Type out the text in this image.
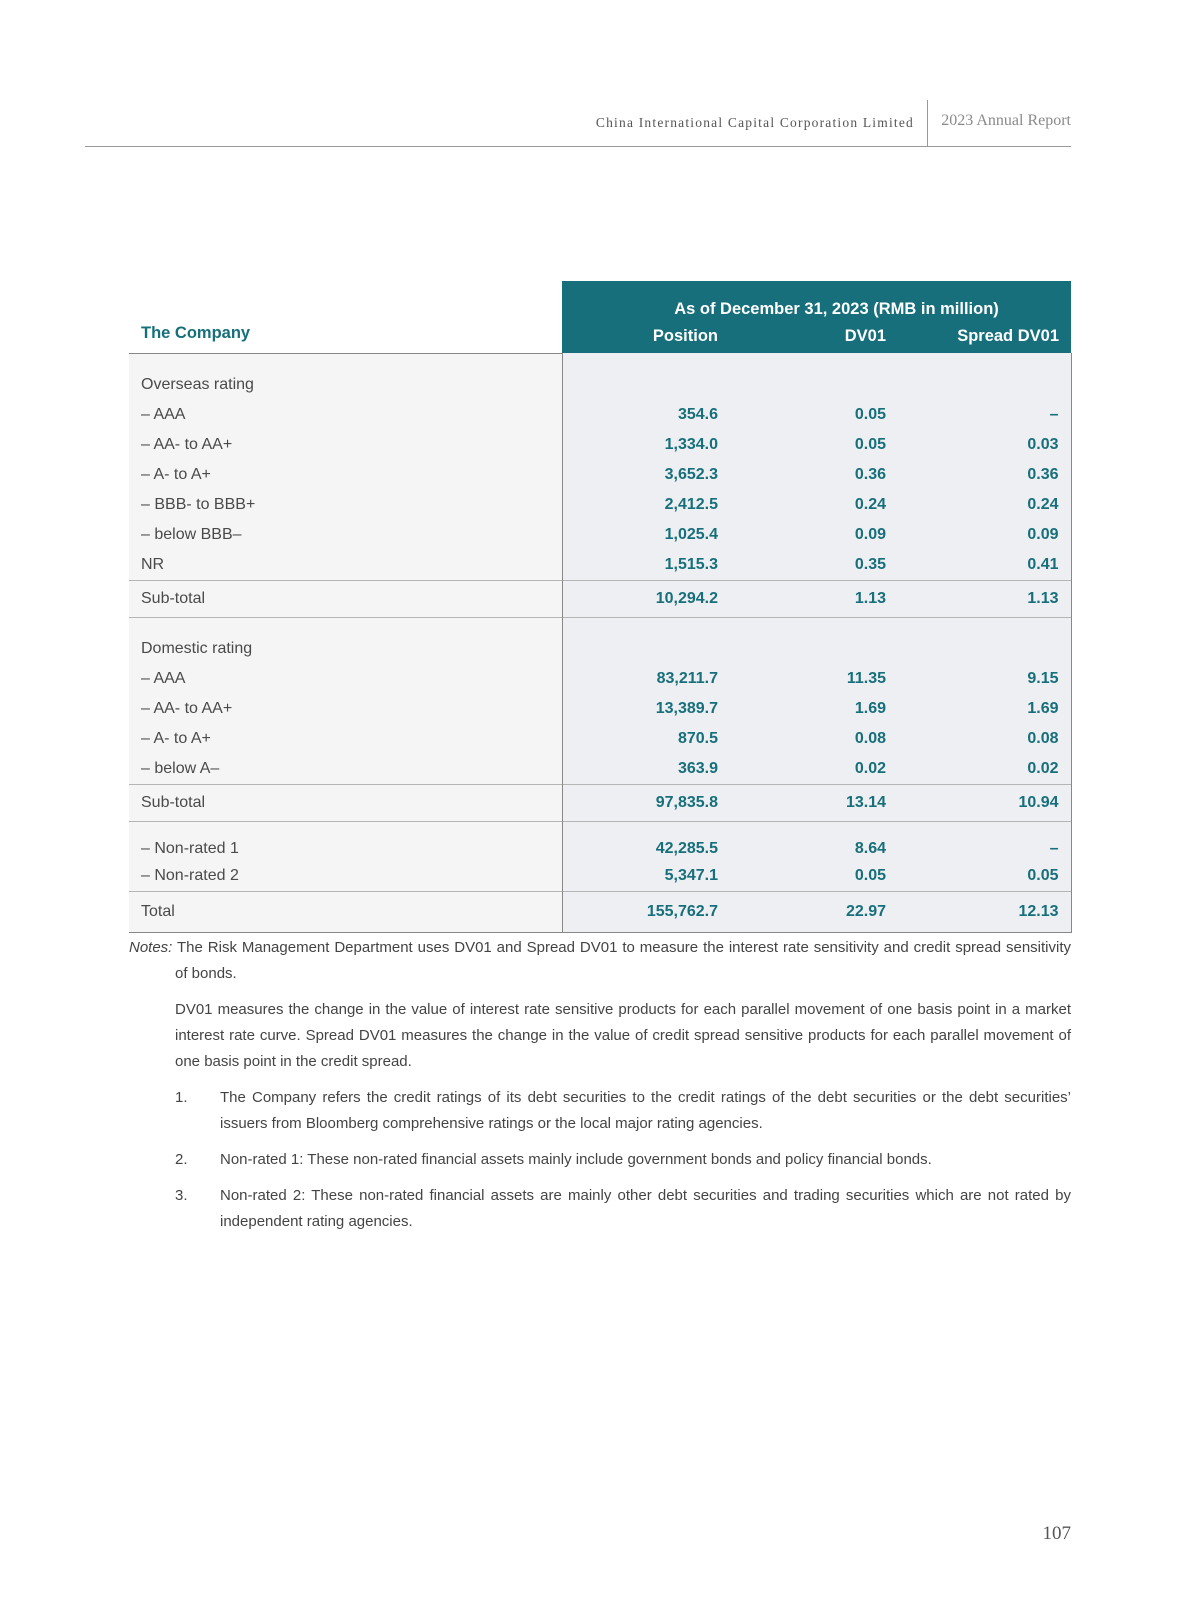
China International Capital Corporation Limited 2023 Annual Report
The Company	As of December 31, 2023 (RMB in million)		
	Position	DV01	Spread DV01
Overseas rating			
– AAA	354.6	0.05	–
– AA- to AA+	1,334.0	0.05	0.03
– A- to A+	3,652.3	0.36	0.36
– BBB- to BBB+	2,412.5	0.24	0.24
– below BBB–	1,025.4	0.09	0.09
NR	1,515.3	0.35	0.41
Sub-total	10,294.2	1.13	1.13
Domestic rating			
– AAA	83,211.7	11.35	9.15
– AA- to AA+	13,389.7	1.69	1.69
– A- to A+	870.5	0.08	0.08
– below A–	363.9	0.02	0.02
Sub-total	97,835.8	13.14	10.94
– Non-rated 1	42,285.5	8.64	–
– Non-rated 2	5,347.1	0.05	0.05
Total	155,762.7	22.97	12.13

Notes: The Risk Management Department uses DV01 and Spread DV01 to measure the interest rate sensitivity and credit spread sensitivity of bonds.

DV01 measures the change in the value of interest rate sensitive products for each parallel movement of one basis point in a market interest rate curve. Spread DV01 measures the change in the value of credit spread sensitive products for each parallel movement of one basis point in the credit spread.

1. The Company refers the credit ratings of its debt securities to the credit ratings of the debt securities or the debt securities’ issuers from Bloomberg comprehensive ratings or the local major rating agencies.

2. Non-rated 1: These non-rated financial assets mainly include government bonds and policy financial bonds.

3. Non-rated 2: These non-rated financial assets are mainly other debt securities and trading securities which are not rated by independent rating agencies.

107
